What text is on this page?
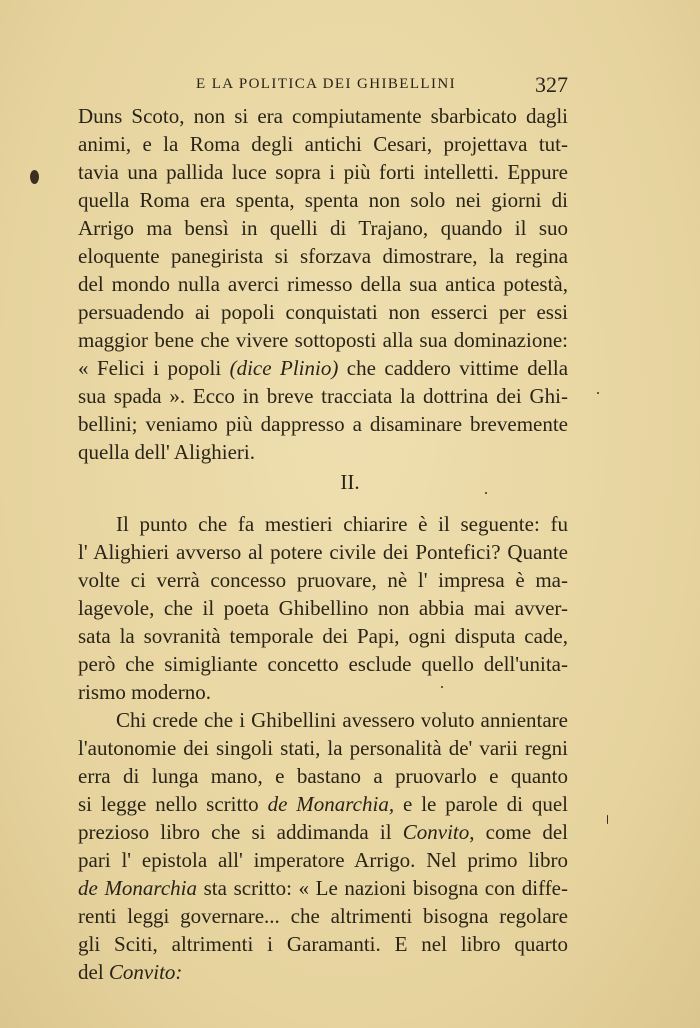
E LA POLITICA DEI GHIBELLINI	327
Duns Scoto, non si era compiutamente sbarbicato dagli
animi, e la Roma degli antichi Cesari, projettava tut-
tavia una pallida luce sopra i più forti intelletti. Eppure
quella Roma era spenta, spenta non solo nei giorni di
Arrigo ma bensì in quelli di Trajano, quando il suo
eloquente panegirista si sforzava dimostrare, la regina
del mondo nulla averci rimesso della sua antica potestà,
persuadendo ai popoli conquistati non esserci per essi
maggior bene che vivere sottoposti alla sua dominazione:
« Felici i popoli (dice Plinio) che caddero vittime della
sua spada ». Ecco in breve tracciata la dottrina dei Ghi-
bellini; veniamo più dappresso a disaminare brevemente
quella dell' Alighieri.
II.
Il punto che fa mestieri chiarire è il seguente: fu
l' Alighieri avverso al potere civile dei Pontefici? Quante
volte ci verrà concesso pruovare, nè l' impresa è ma-
lagevole, che il poeta Ghibellino non abbia mai avver-
sata la sovranità temporale dei Papi, ogni disputa cade,
però che simigliante concetto esclude quello dell'unita-
rismo moderno.
Chi crede che i Ghibellini avessero voluto annientare
l'autonomie dei singoli stati, la personalità de' varii regni
erra di lunga mano, e bastano a pruovarlo e quanto
si legge nello scritto de Monarchia, e le parole di quel
prezioso libro che si addimanda il Convito, come del
pari l' epistola all' imperatore Arrigo. Nel primo libro
de Monarchia sta scritto: « Le nazioni bisogna con diffe-
renti leggi governare... che altrimenti bisogna regolare
gli Sciti, altrimenti i Garamanti. E nel libro quarto
del Convito:
